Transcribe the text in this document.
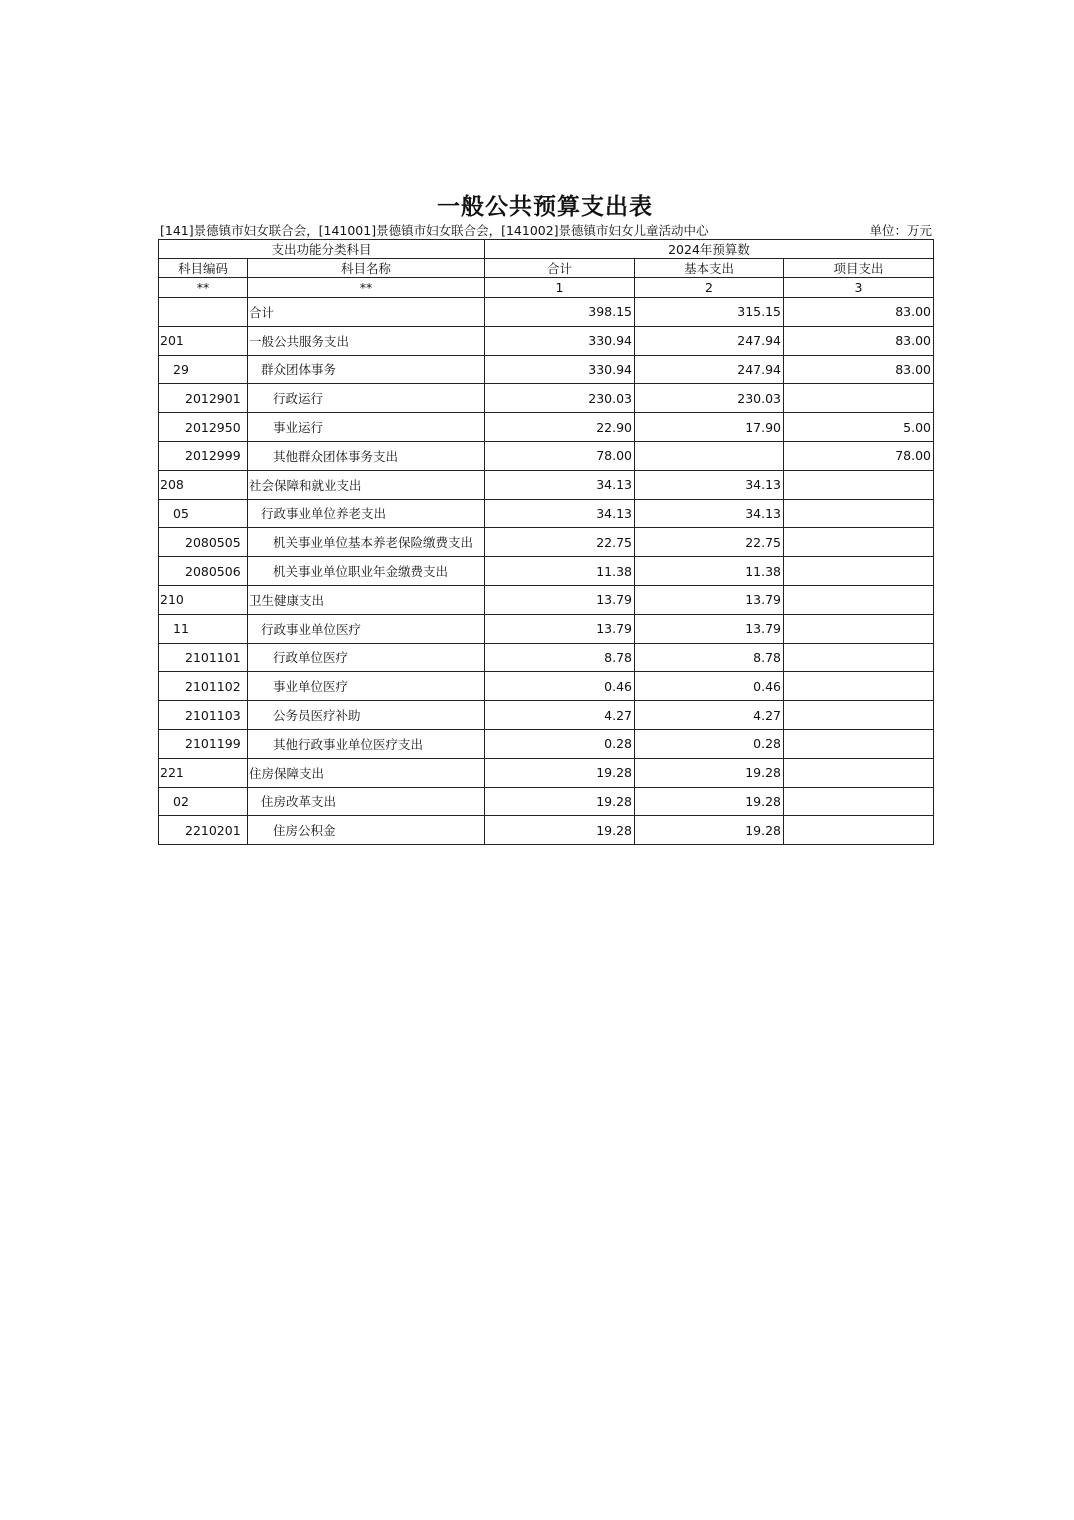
一般公共预算支出表
[141]景德镇市妇女联合会，[141001]景德镇市妇女联合会，[141002]景德镇市妇女儿童活动中心	单位：万元
支出功能分类科目		2024年预算数		
科目编码	科目名称	合计	基本支出	项目支出
**	**	1	2	3
	合计	398.15	315.15	83.00
201	一般公共服务支出	330.94	247.94	83.00
29	群众团体事务	330.94	247.94	83.00
2012901	行政运行	230.03	230.03	
2012950	事业运行	22.90	17.90	5.00
2012999	其他群众团体事务支出	78.00		78.00
208	社会保障和就业支出	34.13	34.13	
05	行政事业单位养老支出	34.13	34.13	
2080505	机关事业单位基本养老保险缴费支出	22.75	22.75	
2080506	机关事业单位职业年金缴费支出	11.38	11.38	
210	卫生健康支出	13.79	13.79	
11	行政事业单位医疗	13.79	13.79	
2101101	行政单位医疗	8.78	8.78	
2101102	事业单位医疗	0.46	0.46	
2101103	公务员医疗补助	4.27	4.27	
2101199	其他行政事业单位医疗支出	0.28	0.28	
221	住房保障支出	19.28	19.28	
02	住房改革支出	19.28	19.28	
2210201	住房公积金	19.28	19.28	
